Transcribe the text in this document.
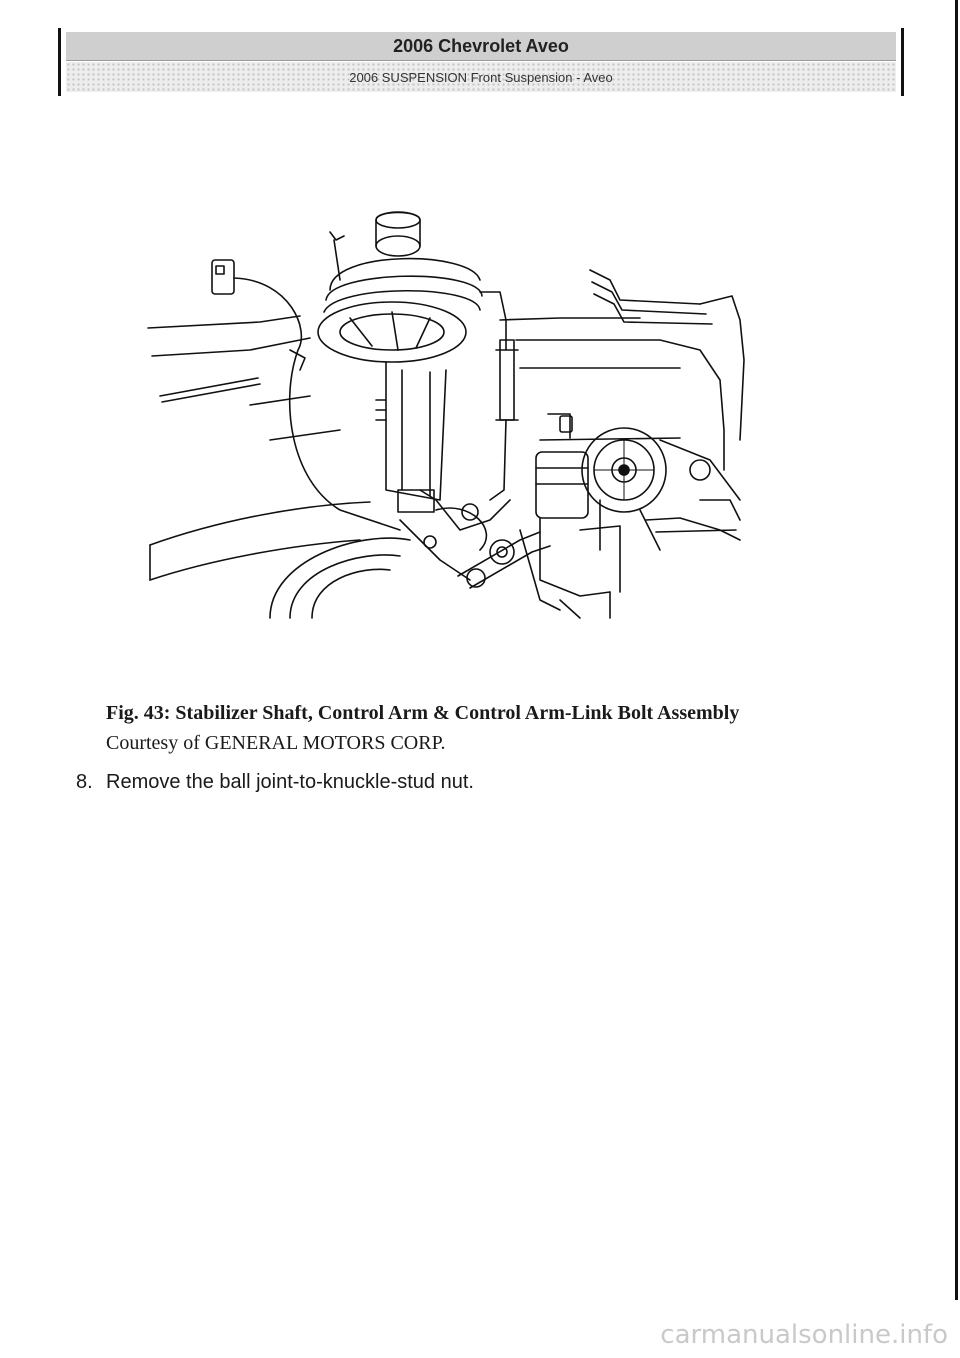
2006 Chevrolet Aveo
2006 SUSPENSION Front Suspension - Aveo
Fig. 43: Stabilizer Shaft, Control Arm & Control Arm-Link Bolt Assembly
Courtesy of GENERAL MOTORS CORP.
8. Remove the ball joint-to-knuckle-stud nut.
carmanualsonline.info
